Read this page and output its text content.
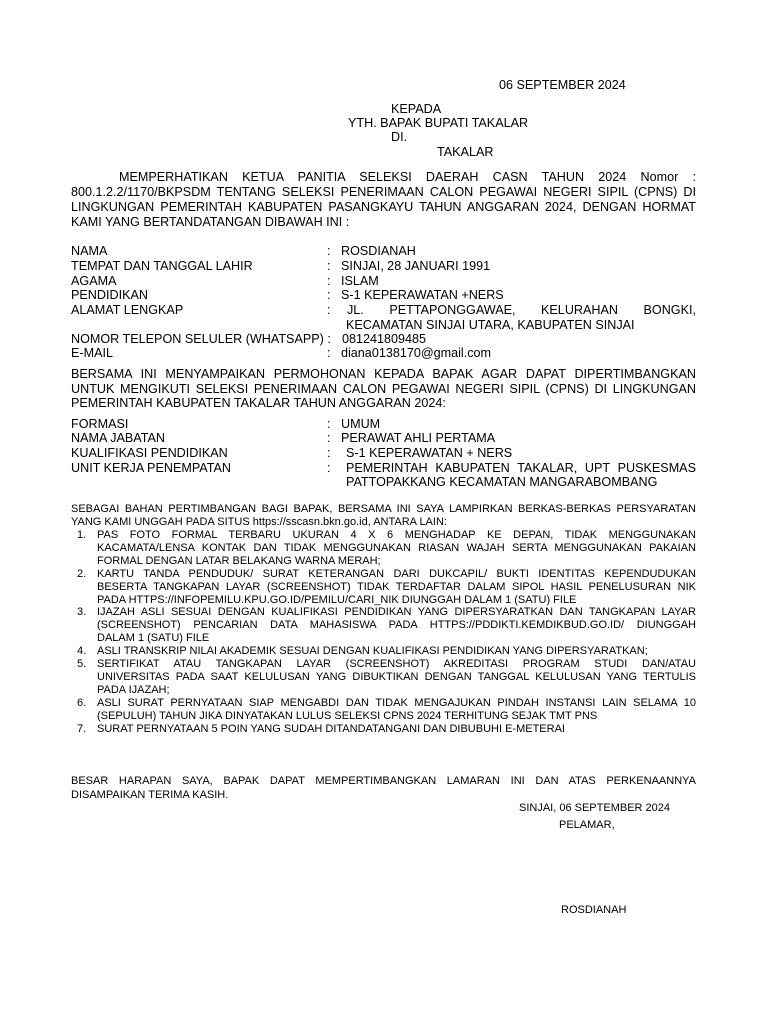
06 SEPTEMBER 2024
KEPADA
YTH. BAPAK BUPATI TAKALAR
DI.
TAKALAR
MEMPERHATIKAN KETUA PANITIA SELEKSI DAERAH CASN TAHUN 2024 Nomor :
800.1.2.2/1170/BKPSDM TENTANG SELEKSI PENERIMAAN CALON PEGAWAI NEGERI SIPIL (CPNS) DI
LINGKUNGAN PEMERINTAH KABUPATEN PASANGKAYU TAHUN ANGGARAN 2024, DENGAN HORMAT
KAMI YANG BERTANDATANGAN DIBAWAH INI :
NAMA	: ROSDIANAH
TEMPAT DAN TANGGAL LAHIR	: SINJAI, 28 JANUARI 1991
AGAMA	: ISLAM
PENDIDIKAN	: S-1 KEPERAWATAN +NERS
ALAMAT LENGKAP	: JL. PETTAPONGGAWAE, KELURAHAN BONGKI,
KECAMATAN SINJAI UTARA, KABUPATEN SINJAI
NOMOR TELEPON SELULER (WHATSAPP) : 081241809485
E-MAIL	: diana0138170@gmail.com
BERSAMA INI MENYAMPAIKAN PERMOHONAN KEPADA BAPAK AGAR DAPAT DIPERTIMBANGKAN
UNTUK MENGIKUTI SELEKSI PENERIMAAN CALON PEGAWAI NEGERI SIPIL (CPNS) DI LINGKUNGAN
PEMERINTAH KABUPATEN TAKALAR TAHUN ANGGARAN 2024:
FORMASI	: UMUM
NAMA JABATAN	: PERAWAT AHLI PERTAMA
KUALIFIKASI PENDIDIKAN	: S-1 KEPERAWATAN + NERS
UNIT KERJA PENEMPATAN	: PEMERINTAH KABUPATEN TAKALAR, UPT PUSKESMAS
PATTOPAKKANG KECAMATAN MANGARABOMBANG
SEBAGAI BAHAN PERTIMBANGAN BAGI BAPAK, BERSAMA INI SAYA LAMPIRKAN BERKAS-BERKAS PERSYARATAN
YANG KAMI UNGGAH PADA SITUS https://sscasn.bkn.go.id, ANTARA LAIN:
1. PAS FOTO FORMAL TERBARU UKURAN 4 X 6 MENGHADAP KE DEPAN, TIDAK MENGGUNAKAN
KACAMATA/LENSA KONTAK DAN TIDAK MENGGUNAKAN RIASAN WAJAH SERTA MENGGUNAKAN PAKAIAN
FORMAL DENGAN LATAR BELAKANG WARNA MERAH;
2. KARTU TANDA PENDUDUK/ SURAT KETERANGAN DARI DUKCAPIL/ BUKTI IDENTITAS KEPENDUDUKAN
BESERTA TANGKAPAN LAYAR (SCREENSHOT) TIDAK TERDAFTAR DALAM SIPOL HASIL PENELUSURAN NIK
PADA HTTPS://INFOPEMILU.KPU.GO.ID/PEMILU/CARI_NIK DIUNGGAH DALAM 1 (SATU) FILE
3. IJAZAH ASLI SESUAI DENGAN KUALIFIKASI PENDIDIKAN YANG DIPERSYARATKAN DAN TANGKAPAN LAYAR
(SCREENSHOT) PENCARIAN DATA MAHASISWA PADA HTTPS://PDDIKTI.KEMDIKBUD.GO.ID/ DIUNGGAH
DALAM 1 (SATU) FILE
4. ASLI TRANSKRIP NILAI AKADEMIK SESUAI DENGAN KUALIFIKASI PENDIDIKAN YANG DIPERSYARATKAN;
5. SERTIFIKAT ATAU TANGKAPAN LAYAR (SCREENSHOT) AKREDITASI PROGRAM STUDI DAN/ATAU
UNIVERSITAS PADA SAAT KELULUSAN YANG DIBUKTIKAN DENGAN TANGGAL KELULUSAN YANG TERTULIS
PADA IJAZAH;
6. ASLI SURAT PERNYATAAN SIAP MENGABDI DAN TIDAK MENGAJUKAN PINDAH INSTANSI LAIN SELAMA 10
(SEPULUH) TAHUN JIKA DINYATAKAN LULUS SELEKSI CPNS 2024 TERHITUNG SEJAK TMT PNS
7. SURAT PERNYATAAN 5 POIN YANG SUDAH DITANDATANGANI DAN DIBUBUHI E-METERAI
BESAR HARAPAN SAYA, BAPAK DAPAT MEMPERTIMBANGKAN LAMARAN INI DAN ATAS PERKENAANNYA
DISAMPAIKAN TERIMA KASIH.
SINJAI, 06 SEPTEMBER 2024
PELAMAR,
ROSDIANAH
